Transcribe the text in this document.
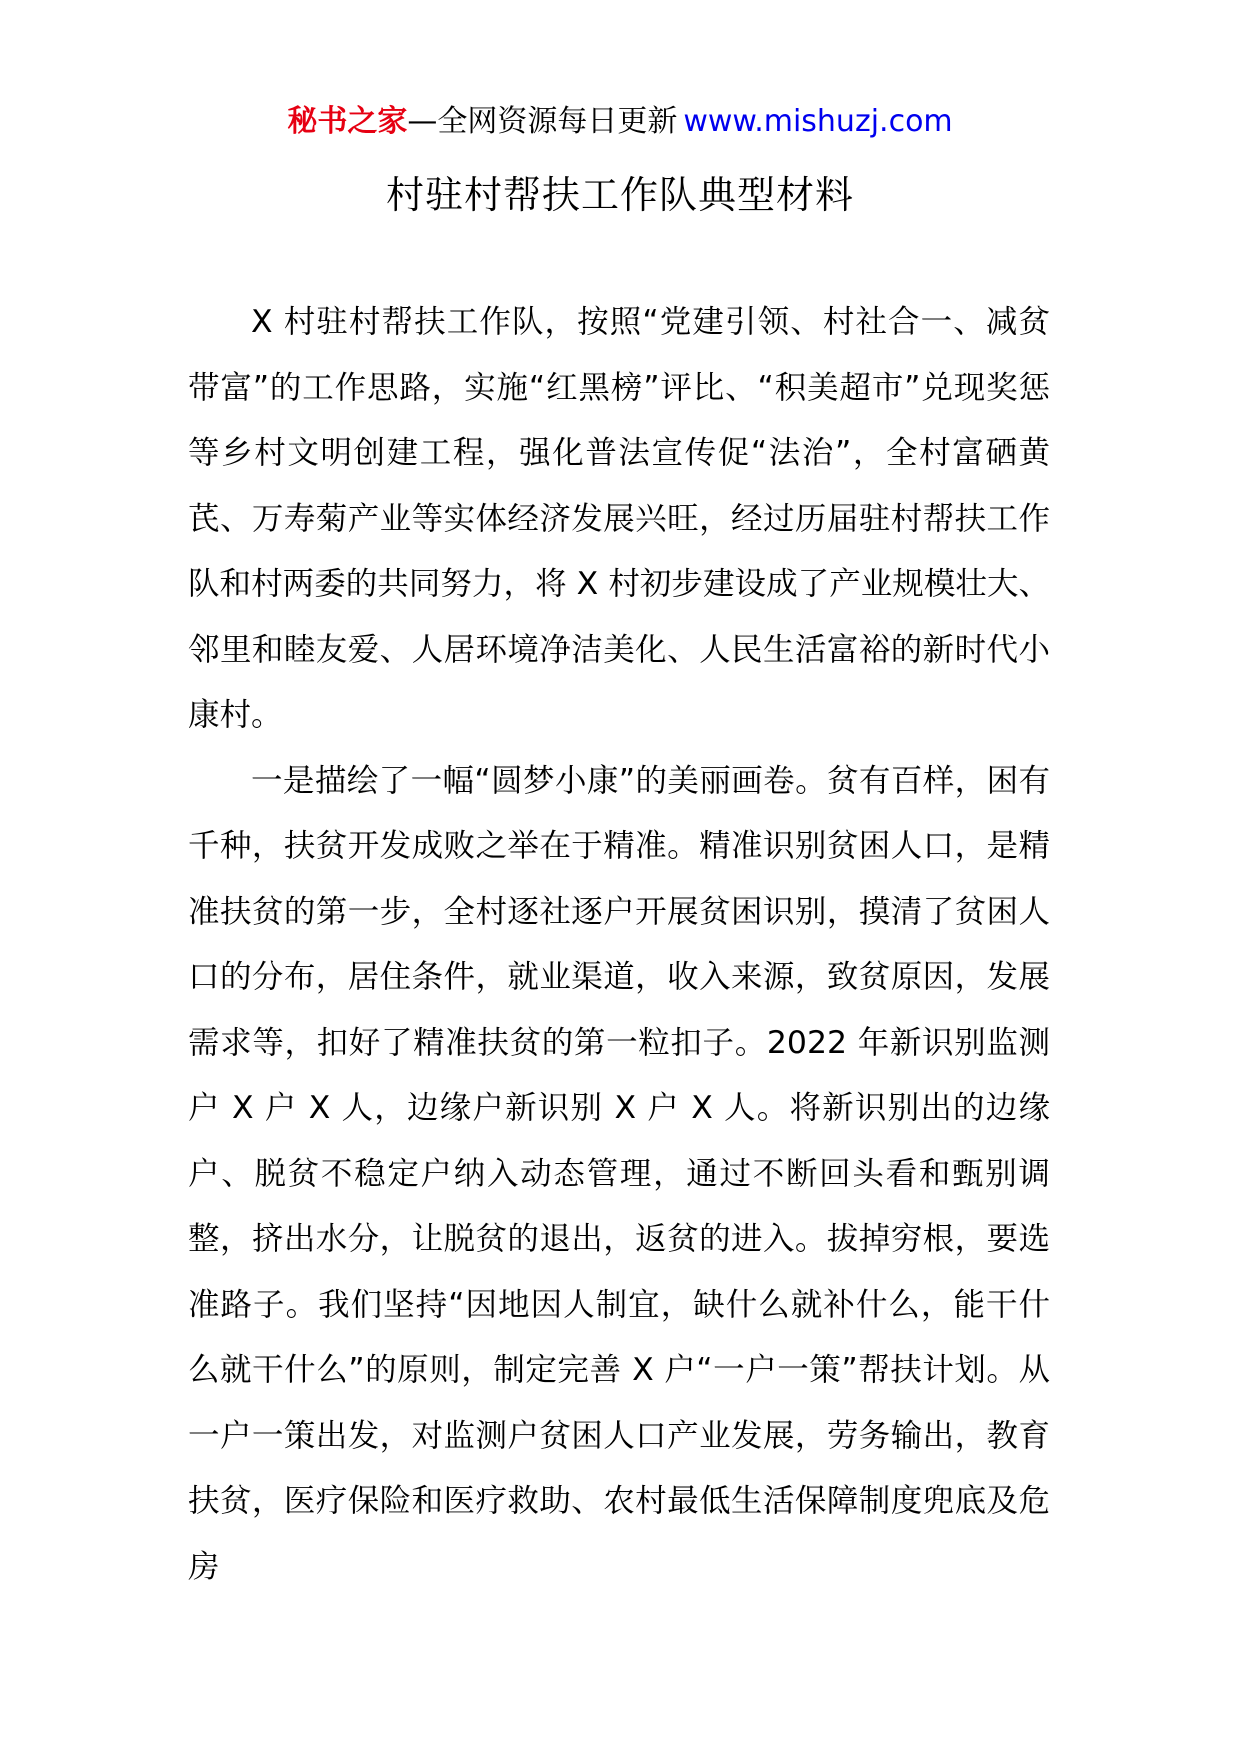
秘书之家—全网资源每日更新 www.mishuzj.com
村驻村帮扶工作队典型材料

X 村驻村帮扶工作队，按照“党建引领、村社合一、减贫带富”的工作思路，实施“红黑榜”评比、“积美超市”兑现奖惩等乡村文明创建工程，强化普法宣传促“法治”，全村富硒黄芪、万寿菊产业等实体经济发展兴旺，经过历届驻村帮扶工作队和村两委的共同努力，将 X 村初步建设成了产业规模壮大、邻里和睦友爱、人居环境净洁美化、人民生活富裕的新时代小康村。

一是描绘了一幅“圆梦小康”的美丽画卷。贫有百样，困有千种，扶贫开发成败之举在于精准。精准识别贫困人口，是精准扶贫的第一步，全村逐社逐户开展贫困识别，摸清了贫困人口的分布，居住条件，就业渠道，收入来源，致贫原因，发展需求等，扣好了精准扶贫的第一粒扣子。2022 年新识别监测户 X 户 X 人，边缘户新识别 X 户 X 人。将新识别出的边缘户、脱贫不稳定户纳入动态管理，通过不断回头看和甄别调整，挤出水分，让脱贫的退出，返贫的进入。拔掉穷根，要选准路子。我们坚持“因地因人制宜，缺什么就补什么，能干什么就干什么”的原则，制定完善 X 户“一户一策”帮扶计划。从一户一策出发，对监测户贫困人口产业发展，劳务输出，教育扶贫，医疗保险和医疗救助、农村最低生活保障制度兜底及危房
